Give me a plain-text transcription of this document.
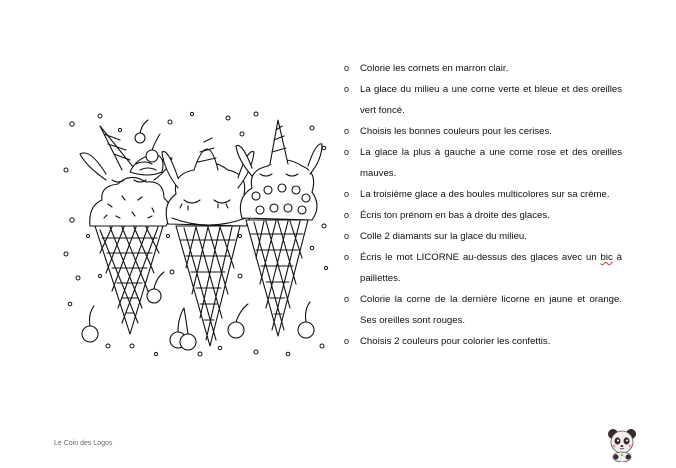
o Colorie les cornets en marron clair.
o La glace du milieu a une corne verte et bleue et des oreilles vert foncé.
o Choisis les bonnes couleurs pour les cerises.
o La glace la plus à gauche a une corne rose et des oreilles mauves.
o La troisième glace a des boules multicolores sur sa crème.
o Écris ton prénom en bas à droite des glaces.
o Colle 2 diamants sur la glace du milieu.
o Écris le mot LICORNE au-dessus des glaces avec un bic à paillettes.
o Colorie la corne de la dernière licorne en jaune et orange. Ses oreilles sont rouges.
o Choisis 2 couleurs pour colorier les confettis.
Le Coin des Logos
